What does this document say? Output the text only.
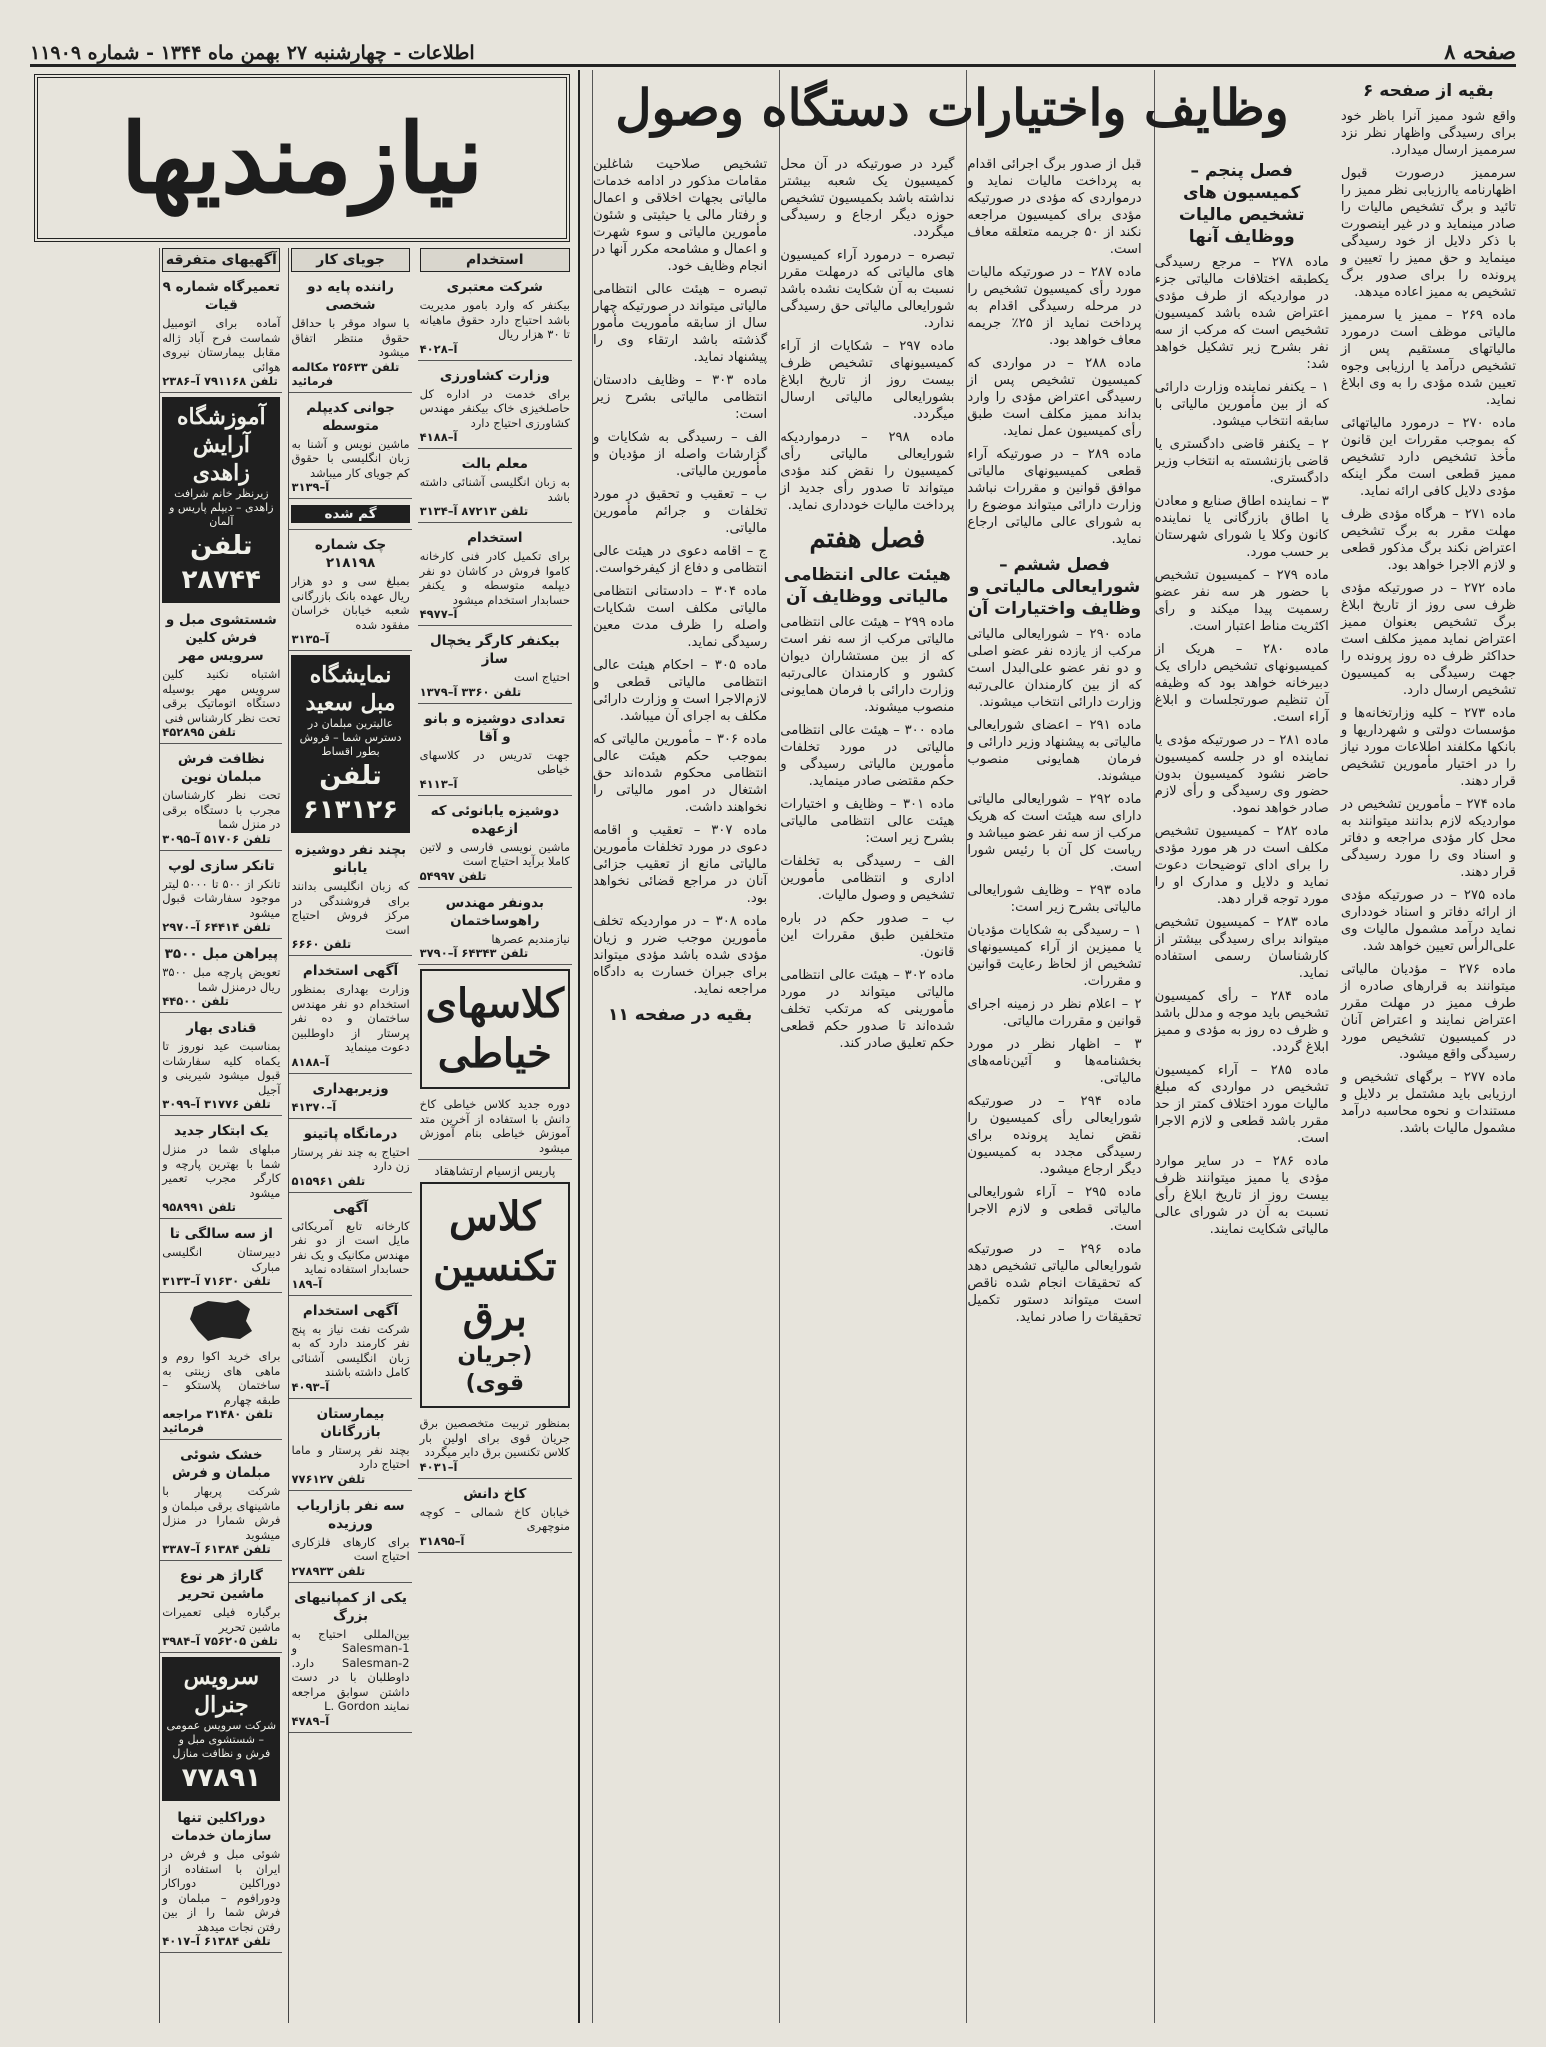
صفحه ۸
اطلاعات - چهارشنبه ۲۷ بهمن ماه ۱۳۴۴ - شماره ۱۱۹۰۹
بقیه از صفحه ۶

واقع شود ممیز آنرا باظر خود برای رسیدگی واظهار نظر نزد سرممیز ارسال میدارد.

سرممیز درصورت قبول اظهارنامه یاارزیابی نظر ممیز را تائید و برگ تشخیص مالیات را صادر مینماید و در غیر اینصورت با ذکر دلایل از خود رسیدگی مینماید و حق ممیز را تعیین و پرونده را برای صدور برگ تشخیص به ممیز اعاده میدهد.

ماده ۲۶۹ – ممیز یا سرممیز مالیاتی موظف است درمورد مالیاتهای مستقیم پس از تشخیص درآمد یا ارزیابی وجوه تعیین شده مؤدی را به وی ابلاغ نماید.

ماده ۲۷۰ – درمورد مالیاتهائی که بموجب مقررات این قانون مأخذ تشخیص دارد تشخیص ممیز قطعی است مگر اینکه مؤدی دلایل کافی ارائه نماید.

ماده ۲۷۱ – هرگاه مؤدی ظرف مهلت مقرر به برگ تشخیص اعتراض نکند برگ مذکور قطعی و لازم الاجرا خواهد بود.

ماده ۲۷۲ – در صورتیکه مؤدی ظرف سی روز از تاریخ ابلاغ برگ تشخیص بعنوان ممیز اعتراض نماید ممیز مکلف است حداکثر ظرف ده روز پرونده را جهت رسیدگی به کمیسیون تشخیص ارسال دارد.

ماده ۲۷۳ – کلیه وزارتخانه‌ها و مؤسسات دولتی و شهرداریها و بانکها مکلفند اطلاعات مورد نیاز را در اختیار مأمورین تشخیص قرار دهند.

ماده ۲۷۴ – مأمورین تشخیص در مواردیکه لازم بدانند میتوانند به محل کار مؤدی مراجعه و دفاتر و اسناد وی را مورد رسیدگی قرار دهند.

ماده ۲۷۵ – در صورتیکه مؤدی از ارائه دفاتر و اسناد خودداری نماید درآمد مشمول مالیات وی علی‌الرأس تعیین خواهد شد.

ماده ۲۷۶ – مؤدیان مالیاتی میتوانند به قرارهای صادره از طرف ممیز در مهلت مقرر اعتراض نمایند و اعتراض آنان در کمیسیون تشخیص مورد رسیدگی واقع میشود.

ماده ۲۷۷ – برگهای تشخیص و ارزیابی باید مشتمل بر دلایل و مستندات و نحوه محاسبه درآمد مشمول مالیات باشد.

فصل پنجم – کمیسیون های تشخیص مالیات ووظایف آنها

ماده ۲۷۸ – مرجع رسیدگی یکطبقه اختلافات مالیاتی جزء در مواردیکه از طرف مؤدی اعتراض شده باشد کمیسیون تشخیص است که مرکب از سه نفر بشرح زیر تشکیل خواهد شد:

۱ – یکنفر نماینده وزارت دارائی که از بین مأمورین مالیاتی با سابقه انتخاب میشود.

۲ – یکنفر قاضی دادگستری یا قاضی بازنشسته به انتخاب وزیر دادگستری.

۳ – نماینده اطاق صنایع و معادن یا اطاق بازرگانی یا نماینده کانون وکلا یا شورای شهرستان بر حسب مورد.

ماده ۲۷۹ – کمیسیون تشخیص با حضور هر سه نفر عضو رسمیت پیدا میکند و رأی اکثریت مناط اعتبار است.

ماده ۲۸۰ – هریک از کمیسیونهای تشخیص دارای یک دبیرخانه خواهد بود که وظیفه آن تنظیم صورتجلسات و ابلاغ آراء است.

ماده ۲۸۱ – در صورتیکه مؤدی یا نماینده او در جلسه کمیسیون حاضر نشود کمیسیون بدون حضور وی رسیدگی و رأی لازم صادر خواهد نمود.

ماده ۲۸۲ – کمیسیون تشخیص مکلف است در هر مورد مؤدی را برای ادای توضیحات دعوت نماید و دلایل و مدارک او را مورد توجه قرار دهد.

ماده ۲۸۳ – کمیسیون تشخیص میتواند برای رسیدگی بیشتر از کارشناسان رسمی استفاده نماید.

ماده ۲۸۴ – رأی کمیسیون تشخیص باید موجه و مدلل باشد و ظرف ده روز به مؤدی و ممیز ابلاغ گردد.

ماده ۲۸۵ – آراء کمیسیون تشخیص در مواردی که مبلغ مالیات مورد اختلاف کمتر از حد مقرر باشد قطعی و لازم الاجرا است.

ماده ۲۸۶ – در سایر موارد مؤدی یا ممیز میتوانند ظرف بیست روز از تاریخ ابلاغ رأی نسبت به آن در شورای عالی مالیاتی شکایت نمایند.

قبل از صدور برگ اجرائی اقدام به پرداخت مالیات نماید و درمواردی که مؤدی در صورتیکه مؤدی برای کمیسیون مراجعه نکند از ۵۰ جریمه متعلقه معاف است.

ماده ۲۸۷ – در صورتیکه مالیات مورد رأی کمیسیون تشخیص را در مرحله رسیدگی اقدام به پرداخت نماید از ۲۵٪ جریمه معاف خواهد بود.

ماده ۲۸۸ – در مواردی که کمیسیون تشخیص پس از رسیدگی اعتراض مؤدی را وارد بداند ممیز مکلف است طبق رأی کمیسیون عمل نماید.

ماده ۲۸۹ – در صورتیکه آراء قطعی کمیسیونهای مالیاتی موافق قوانین و مقررات نباشد وزارت دارائی میتواند موضوع را به شورای عالی مالیاتی ارجاع نماید.

فصل ششم – شورایعالی مالیاتی و وظایف واختیارات آن

ماده ۲۹۰ – شورایعالی مالیاتی مرکب از یازده نفر عضو اصلی و دو نفر عضو علی‌البدل است که از بین کارمندان عالی‌رتبه وزارت دارائی انتخاب میشوند.

ماده ۲۹۱ – اعضای شورایعالی مالیاتی به پیشنهاد وزیر دارائی و فرمان همایونی منصوب میشوند.

ماده ۲۹۲ – شورایعالی مالیاتی دارای سه هیئت است که هریک مرکب از سه نفر عضو میباشد و ریاست کل آن با رئیس شورا است.

ماده ۲۹۳ – وظایف شورایعالی مالیاتی بشرح زیر است:

۱ – رسیدگی به شکایات مؤدیان یا ممیزین از آراء کمیسیونهای تشخیص از لحاظ رعایت قوانین و مقررات.

۲ – اعلام نظر در زمینه اجرای قوانین و مقررات مالیاتی.

۳ – اظهار نظر در مورد بخشنامه‌ها و آئین‌نامه‌های مالیاتی.

ماده ۲۹۴ – در صورتیکه شورایعالی رأی کمیسیون را نقض نماید پرونده برای رسیدگی مجدد به کمیسیون دیگر ارجاع میشود.

ماده ۲۹۵ – آراء شورایعالی مالیاتی قطعی و لازم الاجرا است.

ماده ۲۹۶ – در صورتیکه شورایعالی مالیاتی تشخیص دهد که تحقیقات انجام شده ناقص است میتواند دستور تکمیل تحقیقات را صادر نماید.

گیرد در صورتیکه در آن محل کمیسیون یک شعبه بیشتر نداشته باشد بکمیسیون تشخیص حوزه دیگر ارجاع و رسیدگی میگردد.

تبصره – درمورد آراء کمیسیون های مالیاتی که درمهلت مقرر نسبت به آن شکایت نشده باشد شورایعالی مالیاتی حق رسیدگی ندارد.

ماده ۲۹۷ – شکایات از آراء کمیسیونهای تشخیص ظرف بیست روز از تاریخ ابلاغ بشورایعالی مالیاتی ارسال میگردد.

ماده ۲۹۸ – درمواردیکه شورایعالی مالیاتی رأی کمیسیون را نقض کند مؤدی میتواند تا صدور رأی جدید از پرداخت مالیات خودداری نماید.

فصل هفتم
هیئت عالی انتظامی مالیاتی ووظایف آن

ماده ۲۹۹ – هیئت عالی انتظامی مالیاتی مرکب از سه نفر است که از بین مستشاران دیوان کشور و کارمندان عالی‌رتبه وزارت دارائی با فرمان همایونی منصوب میشوند.

ماده ۳۰۰ – هیئت عالی انتظامی مالیاتی در مورد تخلفات مأمورین مالیاتی رسیدگی و حکم مقتضی صادر مینماید.

ماده ۳۰۱ – وظایف و اختیارات هیئت عالی انتظامی مالیاتی بشرح زیر است:

الف – رسیدگی به تخلفات اداری و انتظامی مأمورین تشخیص و وصول مالیات.

ب – صدور حکم در باره متخلفین طبق مقررات این قانون.

ماده ۳۰۲ – هیئت عالی انتظامی مالیاتی میتواند در مورد مأمورینی که مرتکب تخلف شده‌اند تا صدور حکم قطعی حکم تعلیق صادر کند.

تشخیص صلاحیت شاغلین مقامات مذکور در ادامه خدمات مالیاتی بجهات اخلاقی و اعمال و رفتار مالی یا حیثیتی و شئون مأمورین مالیاتی و سوء شهرت و اعمال و مشامحه مکرر آنها در انجام وظایف خود.

تبصره – هیئت عالی انتظامی مالیاتی میتواند در صورتیکه چهار سال از سابقه مأموریت مأمور گذشته باشد ارتقاء وی را پیشنهاد نماید.

ماده ۳۰۳ – وظایف دادستان انتظامی مالیاتی بشرح زیر است:

الف – رسیدگی به شکایات و گزارشات واصله از مؤدیان و مأمورین مالیاتی.

ب – تعقیب و تحقیق در مورد تخلفات و جرائم مأمورین مالیاتی.

ج – اقامه دعوی در هیئت عالی انتظامی و دفاع از کیفرخواست.

ماده ۳۰۴ – دادستانی انتظامی مالیاتی مکلف است شکایات واصله را ظرف مدت معین رسیدگی نماید.

ماده ۳۰۵ – احکام هیئت عالی انتظامی مالیاتی قطعی و لازم‌الاجرا است و وزارت دارائی مکلف به اجرای آن میباشد.

ماده ۳۰۶ – مأمورین مالیاتی که بموجب حکم هیئت عالی انتظامی محکوم شده‌اند حق اشتغال در امور مالیاتی را نخواهند داشت.

ماده ۳۰۷ – تعقیب و اقامه دعوی در مورد تخلفات مأمورین مالیاتی مانع از تعقیب جزائی آنان در مراجع قضائی نخواهد بود.

ماده ۳۰۸ – در مواردیکه تخلف مأمورین موجب ضرر و زیان مؤدی شده باشد مؤدی میتواند برای جبران خسارت به دادگاه مراجعه نماید.

بقیه در صفحه ۱۱
وظایف واختیارات دستگاه وصول
نیازمندیها
استخدام
شرکت معتبری

بیکنفر که وارد بامور مدیریت باشد احتیاج دارد حقوق ماهیانه تا ۳۰ هزار ریال

آ–۴۰۲۸
وزارت کشاورزی

برای خدمت در اداره کل حاصلخیزی خاک بیکنفر مهندس کشاورزی احتیاج دارد

آ–۴۱۸۸
معلم بالت

به زبان انگلیسی آشنائی داشته باشد

تلفن ۸۷۲۱۳ آ–۳۱۳۴
استخدام

برای تکمیل کادر فنی کارخانه کاموا فروش در کاشان دو نفر دیپلمه متوسطه و یکنفر حسابدار استخدام میشود

آ–۴۹۷۷
بیکنفر کارگر یخچال ساز

احتیاج است

تلفن ۳۳۶۰ آ–۱۳۷۹
تعدادی دوشیزه و بانو و آقا

جهت تدریس در کلاسهای خیاطی

آ–۴۱۱۳
دوشیزه یابانوئی که ازعهده

ماشین نویسی فارسی و لاتین کاملا برآید احتیاج است

تلفن ۵۴۹۹۷
بدونفر مهندس راهوساختمان

نیازمندیم عصرها

تلفن ۶۴۳۴۳ آ–۳۷۹۰
کلاسهای خیاطی

دوره جدید کلاس خیاطی کاخ دانش با استفاده از آخرین متد آموزش خیاطی بنام آموزش میشود

پاریس ازسیام ارتشاهقاد
کلاس تکنسین برق
(جریان قوی)

بمنظور تربیت متخصصین برق جریان قوی برای اولین بار کلاس تکنسین برق دایر میگردد

آ–۴۰۳۱
کاخ دانش

خیابان کاخ شمالی – کوچه منوچهری

آ–۳۱۸۹۵
جویای کار
راننده پایه دو شخصی

با سواد موقر با حداقل حقوق منتظر اتفاق میشود

تلفن ۲۵۶۳۳ مکالمه فرمائید
جوانی کدیپلم متوسطه

ماشین نویس و آشنا به زبان انگلیسی با حقوق کم جویای کار میباشد

آ–۳۱۳۹
گم شده
چک شماره ۲۱۸۱۹۸

بمبلغ سی و دو هزار ریال عهده بانک بازرگانی شعبه خیابان خراسان مفقود شده

آ–۳۱۳۵
نمایشگاه مبل سعید
عالیترین مبلمان در دسترس شما – فروش بطور اقساط
تلفن ۶۱۳۱۲۶
بچند نفر دوشیزه یابانو

که زبان انگلیسی بدانند برای فروشندگی در مرکز فروش احتیاج است

تلفن ۶۶۶۰
آگهی استخدام

وزارت بهداری بمنظور استخدام دو نفر مهندس ساختمان و ده نفر پرستار از داوطلبین دعوت مینماید

آ–۸۱۸۸
وزیربهداری
آ–۴۱۳۷۰
درمانگاه پاتینو

احتیاج به چند نفر پرستار زن دارد

تلفن ۵۱۵۹۶۱
آگهی

کارخانه تابع آمریکائی مایل است از دو نفر مهندس مکانیک و یک نفر حسابدار استفاده نماید

آ–۱۸۹
آگهی استخدام

شرکت نفت نیاز به پنج نفر کارمند دارد که به زبان انگلیسی آشنائی کامل داشته باشند

آ–۴۰۹۳
بیمارستان بازرگانان

بچند نفر پرستار و ماما احتیاج دارد

تلفن ۷۷۶۱۲۷
سه نفر بازاریاب ورزیده

برای کارهای فلزکاری احتیاج است

تلفن ۲۷۸۹۳۳
یکی از کمپانیهای بزرگ

بین‌المللی احتیاج به Salesman-1 و Salesman-2 دارد. داوطلبان با در دست داشتن سوابق مراجعه نمایند L. Gordon

آ–۴۷۸۹
آگهیهای متفرقه
تعمیرگاه شماره ۹ قیات

آماده برای اتومبیل شماست فرح آباد ژاله مقابل بیمارستان نیروی هوائی

تلفن ۷۹۱۱۶۸ آ–۲۳۸۶
آموزشگاه آرایش زاهدی
زیرنظر خانم شرافت زاهدی – دیپلم پاریس و آلمان
تلفن ۲۸۷۴۴
شستشوی مبل و فرش کلین سرویس مهر

اشتباه نکنید کلین سرویس مهر بوسیله دستگاه اتوماتیک برقی تحت نظر کارشناس فنی

تلفن ۴۵۲۸۹۵
نظافت فرش مبلمان نوین

تحت نظر کارشناسان مجرب با دستگاه برقی در منزل شما

تلفن ۵۱۷۰۶ آ–۳۰۹۵
تانکر سازی لوپ

تانکر از ۵۰۰ تا ۵۰۰۰ لیتر موجود سفارشات قبول میشود

تلفن ۶۴۴۱۴ آ–۲۹۷۰
پیراهن مبل ۳۵۰۰

تعویض پارچه مبل ۳۵۰۰ ریال درمنزل شما

تلفن ۴۴۵۰۰
قنادی بهار

بمناسبت عید نوروز تا یکماه کلیه سفارشات قبول میشود شیرینی و آجیل

تلفن ۳۱۷۷۶ آ–۳۰۹۹
یک ابتکار جدید

مبلهای شما در منزل شما با بهترین پارچه و کارگر مجرب تعمیر میشود

تلفن ۹۵۸۹۹۱
از سه سالگی تا

دبیرستان انگلیسی مبارک

تلفن ۷۱۶۳۰ آ–۳۱۳۳

برای خرید اکوا روم و ماهی های زینتی به ساختمان پلاستکو – طبقه چهارم

تلفن ۳۱۴۸۰ مراجعه فرمائید
خشک شوئی مبلمان و فرش

شرکت پربهار با ماشینهای برقی مبلمان و فرش شمارا در منزل میشوید

تلفن ۶۱۳۸۴ آ–۳۳۸۷
گاراژ هر نوع ماشین تحریر

برگباره فیلی تعمیرات ماشین تحریر

تلفن ۷۵۶۲۰۵ آ–۳۹۸۴
سرویس جنرال
شرکت سرویس عمومی – شستشوی مبل و فرش و نظافت منازل
۷۷۸۹۱
دوراکلین تنها سازمان خدمات

شوئی مبل و فرش در ایران با استفاده از دوراکلین دوراکار ودورافوم – مبلمان و فرش شما را از بین رفتن نجات میدهد

تلفن ۶۱۳۸۴ آ–۴۰۱۷
